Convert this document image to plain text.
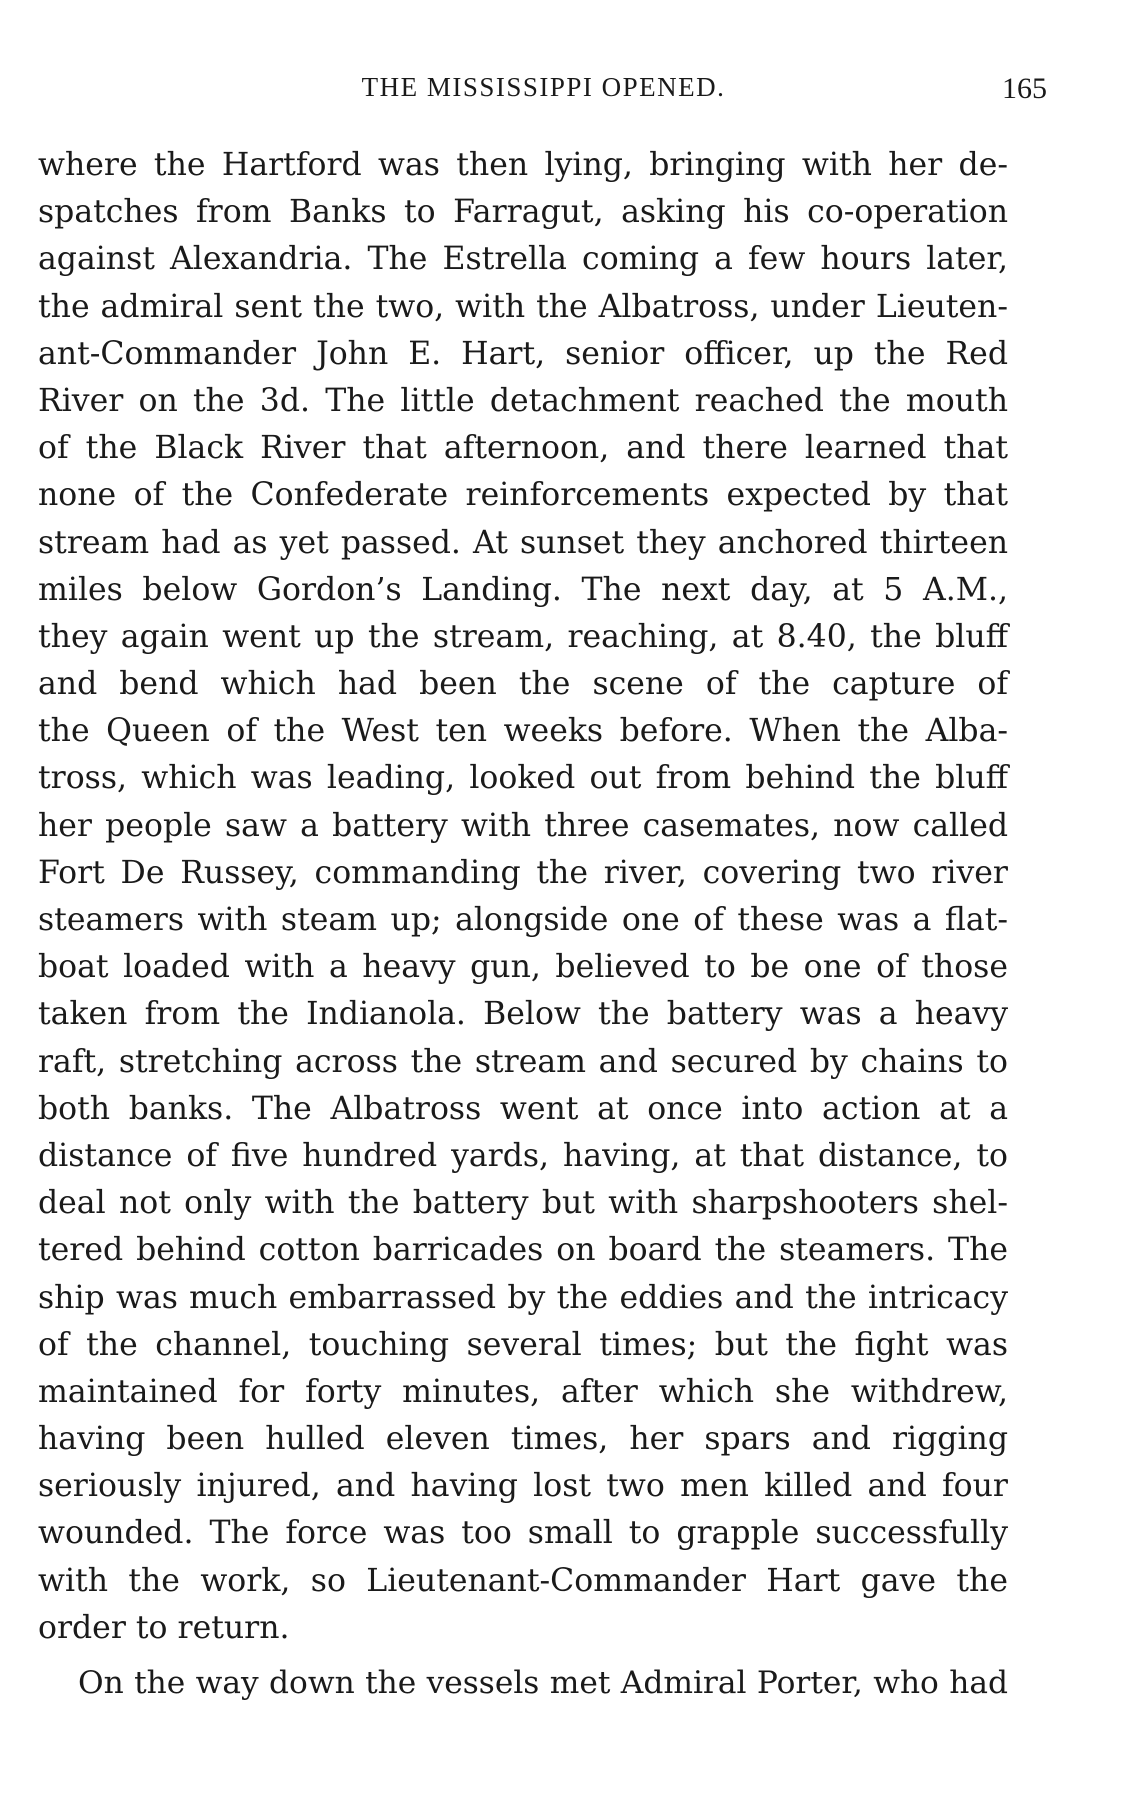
THE MISSISSIPPI OPENED.	165
where the Hartford was then lying, bringing with her de-
spatches from Banks to Farragut, asking his co-operation
against Alexandria. The Estrella coming a few hours later,
the admiral sent the two, with the Albatross, under Lieuten-
ant-Commander John E. Hart, senior officer, up the Red
River on the 3d. The little detachment reached the mouth
of the Black River that afternoon, and there learned that
none of the Confederate reinforcements expected by that
stream had as yet passed. At sunset they anchored thirteen
miles below Gordon’s Landing. The next day, at 5 A.M.,
they again went up the stream, reaching, at 8.40, the bluff
and bend which had been the scene of the capture of
the Queen of the West ten weeks before. When the Alba-
tross, which was leading, looked out from behind the bluff
her people saw a battery with three casemates, now called
Fort De Russey, commanding the river, covering two river
steamers with steam up; alongside one of these was a flat-
boat loaded with a heavy gun, believed to be one of those
taken from the Indianola. Below the battery was a heavy
raft, stretching across the stream and secured by chains to
both banks. The Albatross went at once into action at a
distance of five hundred yards, having, at that distance, to
deal not only with the battery but with sharpshooters shel-
tered behind cotton barricades on board the steamers. The
ship was much embarrassed by the eddies and the intricacy
of the channel, touching several times; but the fight was
maintained for forty minutes, after which she withdrew,
having been hulled eleven times, her spars and rigging
seriously injured, and having lost two men killed and four
wounded. The force was too small to grapple successfully
with the work, so Lieutenant-Commander Hart gave the
order to return.
On the way down the vessels met Admiral Porter, who had
